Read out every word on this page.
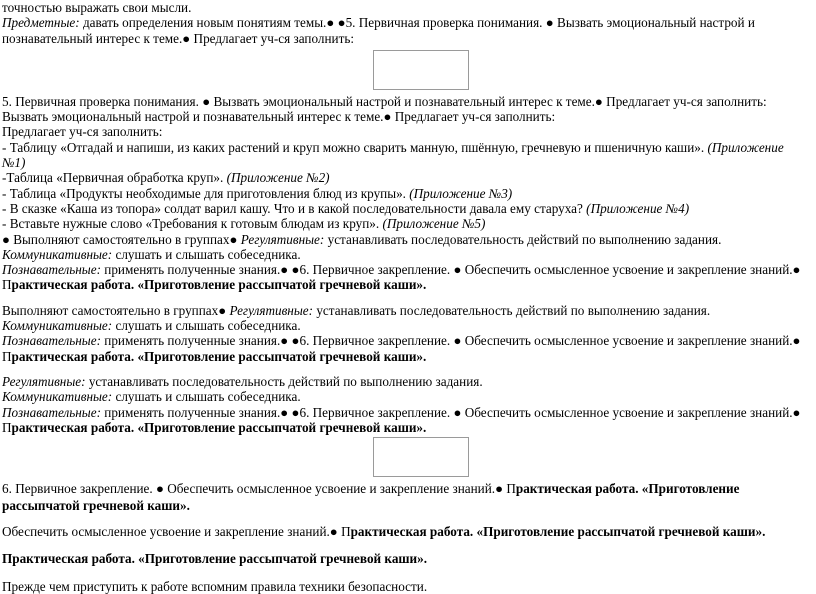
точностью выражать свои мысли.

Предметные: давать определения новым понятиям темы.● ●5. Первичная проверка понимания. ● Вызвать эмоциональный настрой и познавательный интерес к теме.● Предлагает уч-ся заполнить:

5. Первичная проверка понимания. ● Вызвать эмоциональный настрой и познавательный интерес к теме.● Предлагает уч-ся заполнить:

Вызвать эмоциональный настрой и познавательный интерес к теме.● Предлагает уч-ся заполнить:

Предлагает уч-ся заполнить:

- Таблицу «Отгадай и напиши, из каких растений и круп можно сварить манную, пшённую, гречневую и пшеничную каши». (Приложение №1)

-Таблица «Первичная обработка круп». (Приложение №2)

- Таблица «Продукты необходимые для приготовления блюд из крупы». (Приложение №3)

- В сказке «Каша из топора» солдат варил кашу. Что и в какой последовательности давала ему старуха? (Приложение №4)

- Вставьте нужные слово «Требования к готовым блюдам из круп». (Приложение №5)

● Выполняют самостоятельно в группах● Регулятивные: устанавливать последовательность действий по выполнению задания.
Коммуникативные: слушать и слышать собеседника.
Познавательные: применять полученные знания.● ●6. Первичное закрепление. ● Обеспечить осмысленное усвоение и закрепление знаний.● Практическая работа. «Приготовление рассыпчатой гречневой каши».

Выполняют самостоятельно в группах● Регулятивные: устанавливать последовательность действий по выполнению задания.
Коммуникативные: слушать и слышать собеседника.
Познавательные: применять полученные знания.● ●6. Первичное закрепление. ● Обеспечить осмысленное усвоение и закрепление знаний.● Практическая работа. «Приготовление рассыпчатой гречневой каши».

Регулятивные: устанавливать последовательность действий по выполнению задания.
Коммуникативные: слушать и слышать собеседника.
Познавательные: применять полученные знания.● ●6. Первичное закрепление. ● Обеспечить осмысленное усвоение и закрепление знаний.● Практическая работа. «Приготовление рассыпчатой гречневой каши».

6. Первичное закрепление. ● Обеспечить осмысленное усвоение и закрепление знаний.● Практическая работа. «Приготовление рассыпчатой гречневой каши».

Обеспечить осмысленное усвоение и закрепление знаний.● Практическая работа. «Приготовление рассыпчатой гречневой каши».

Практическая работа. «Приготовление рассыпчатой гречневой каши».

Прежде чем приступить к работе вспомним правила техники безопасности.
